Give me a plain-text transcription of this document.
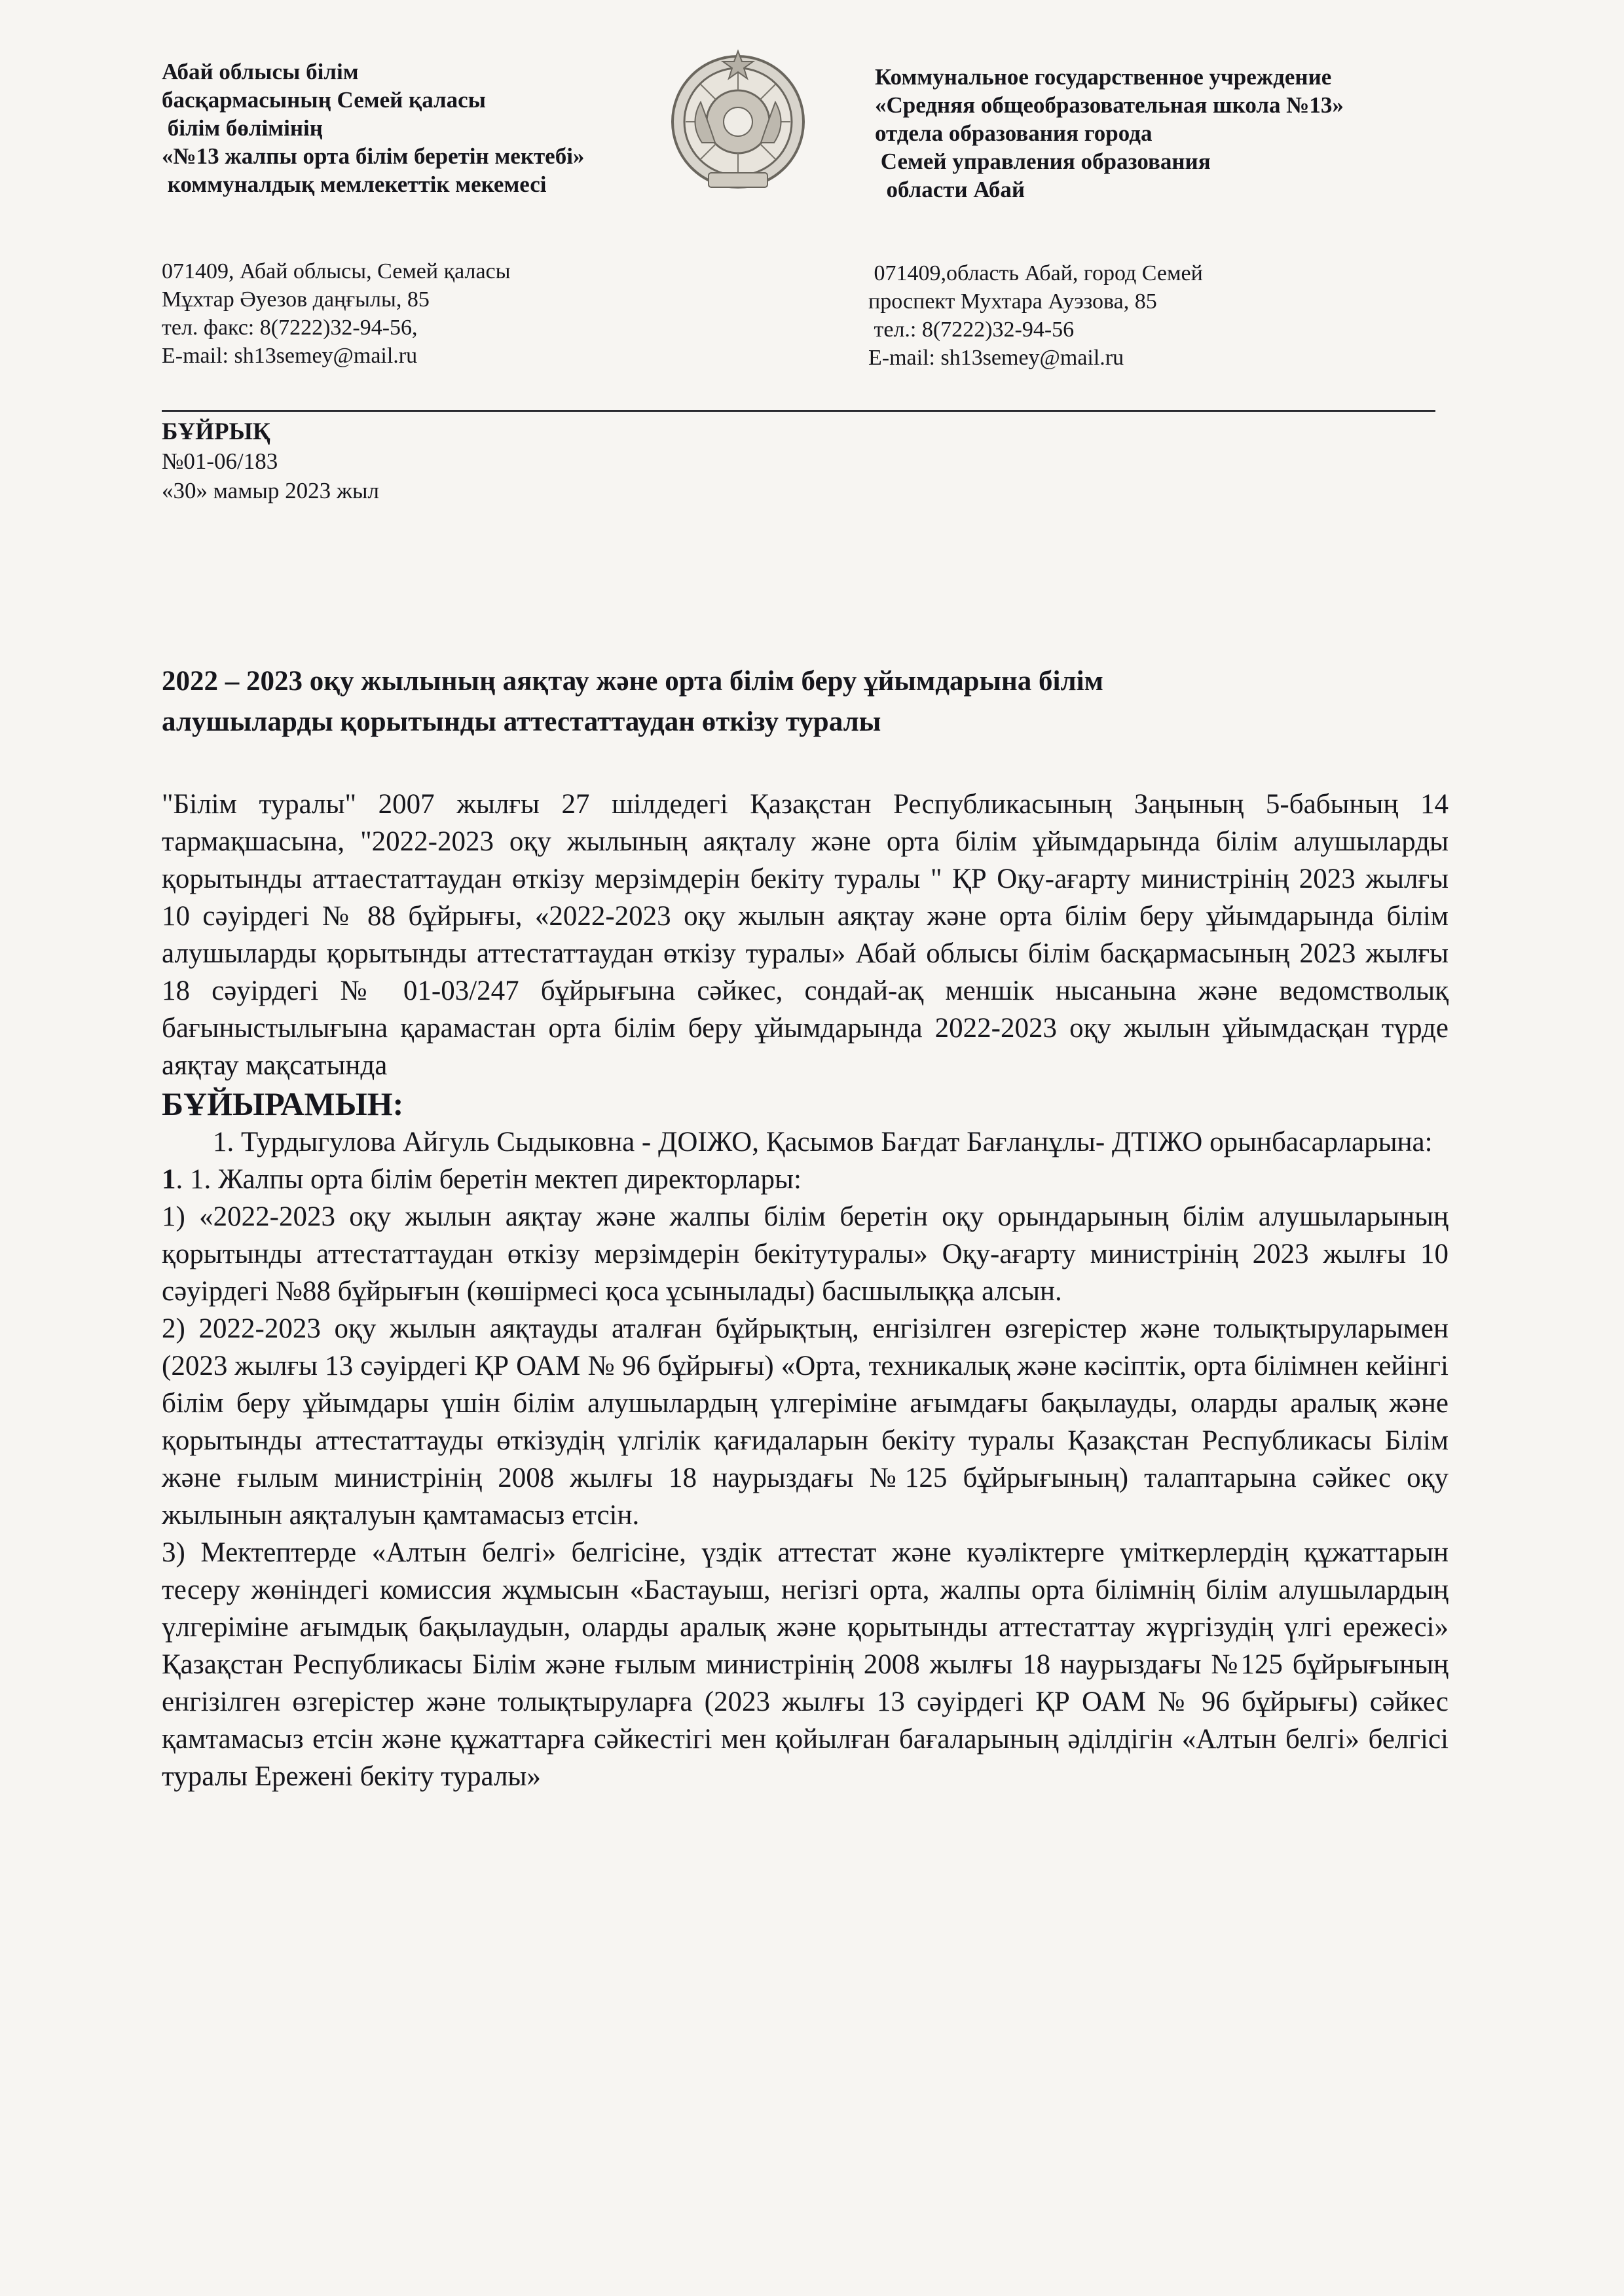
Абай облысы білім
басқармасының Семей қаласы
білім бөлімінің
«№13 жалпы орта білім беретін мектебі»
коммуналдық мемлекеттік мекемесі
Коммунальное государственное учреждение
«Средняя общеобразовательная школа №13»
отдела образования города
Семей управления образования
области Абай
071409, Абай облысы, Семей қаласы
Мұхтар Әуезов даңғылы, 85
тел. факс: 8(7222)32-94-56,
E-mail: sh13semey@mail.ru
071409,область Абай, город Семей
проспект Мухтара Ауэзова, 85
тел.: 8(7222)32-94-56
E-mail: sh13semey@mail.ru
БҰЙРЫҚ
№01-06/183
«30» мамыр 2023 жыл
2022 – 2023 оқу жылының аяқтау және орта білім беру ұйымдарына білім
алушыларды қорытынды аттестаттаудан өткізу туралы

"Білім туралы" 2007 жылғы 27 шілдедегі Қазақстан Республикасының Заңының 5-бабының 14 тармақшасына, "2022-2023 оқу жылының аяқталу және орта білім ұйымдарында білім алушыларды қорытынды аттаестаттаудан өткізу мерзімдерін бекіту туралы " ҚР Оқу-ағарту министрінің 2023 жылғы 10 сәуірдегі № 88 бұйрығы, «2022-2023 оқу жылын аяқтау және орта білім беру ұйымдарында білім алушыларды қорытынды аттестаттаудан өткізу туралы» Абай облысы білім басқармасының 2023 жылғы 18 сәуірдегі № 01-03/247 бұйрығына сәйкес, сондай-ақ меншік нысанына және ведомстволық бағыныстылығына қарамастан орта білім беру ұйымдарында 2022-2023 оқу жылын ұйымдасқан түрде аяқтау мақсатында

БҰЙЫРАМЫН:

1. Турдыгулова Айгуль Сыдыковна - ДОІЖО, Қасымов Бағдат Бағланұлы- ДТІЖО орынбасарларына:

1. 1. Жалпы орта білім беретін мектеп директорлары:

1) «2022-2023 оқу жылын аяқтау және жалпы білім беретін оқу орындарының білім алушыларының қорытынды аттестаттаудан өткізу мерзімдерін бекітутуралы» Оқу-ағарту министрінің 2023 жылғы 10 сәуірдегі №88 бұйрығын (көшірмесі қоса ұсынылады) басшылыққа алсын.

2) 2022-2023 оқу жылын аяқтауды аталған бұйрықтың, енгізілген өзгерістер және толықтыруларымен (2023 жылғы 13 сәуірдегі ҚР ОАМ № 96 бұйрығы) «Орта, техникалық және кәсіптік, орта білімнен кейінгі білім беру ұйымдары үшін білім алушылардың үлгеріміне ағымдағы бақылауды, оларды аралық және қорытынды аттестаттауды өткізудің үлгілік қағидаларын бекіту туралы Қазақстан Республикасы Білім және ғылым министрінің 2008 жылғы 18 наурыздағы №125 бұйрығының) талаптарына сәйкес оқу жылынын аяқталуын қамтамасыз етсін.

3) Мектептерде «Алтын белгі» белгісіне, үздік аттестат және куәліктерге үміткерлердің құжаттарын тесеру жөніндегі комиссия жұмысын «Бастауыш, негізгі орта, жалпы орта білімнің білім алушылардың үлгеріміне ағымдық бақылаудын, оларды аралық және қорытынды аттестаттау жүргізудің үлгі ережесі» Қазақстан Республикасы Білім және ғылым министрінің 2008 жылғы 18 наурыздағы №125 бұйрығының енгізілген өзгерістер және толықтыруларға (2023 жылғы 13 сәуірдегі ҚР ОАМ № 96 бұйрығы) сәйкес қамтамасыз етсін және құжаттарға сәйкестігі мен қойылған бағаларының әділдігін «Алтын белгі» белгісі туралы Ережені бекіту туралы»
